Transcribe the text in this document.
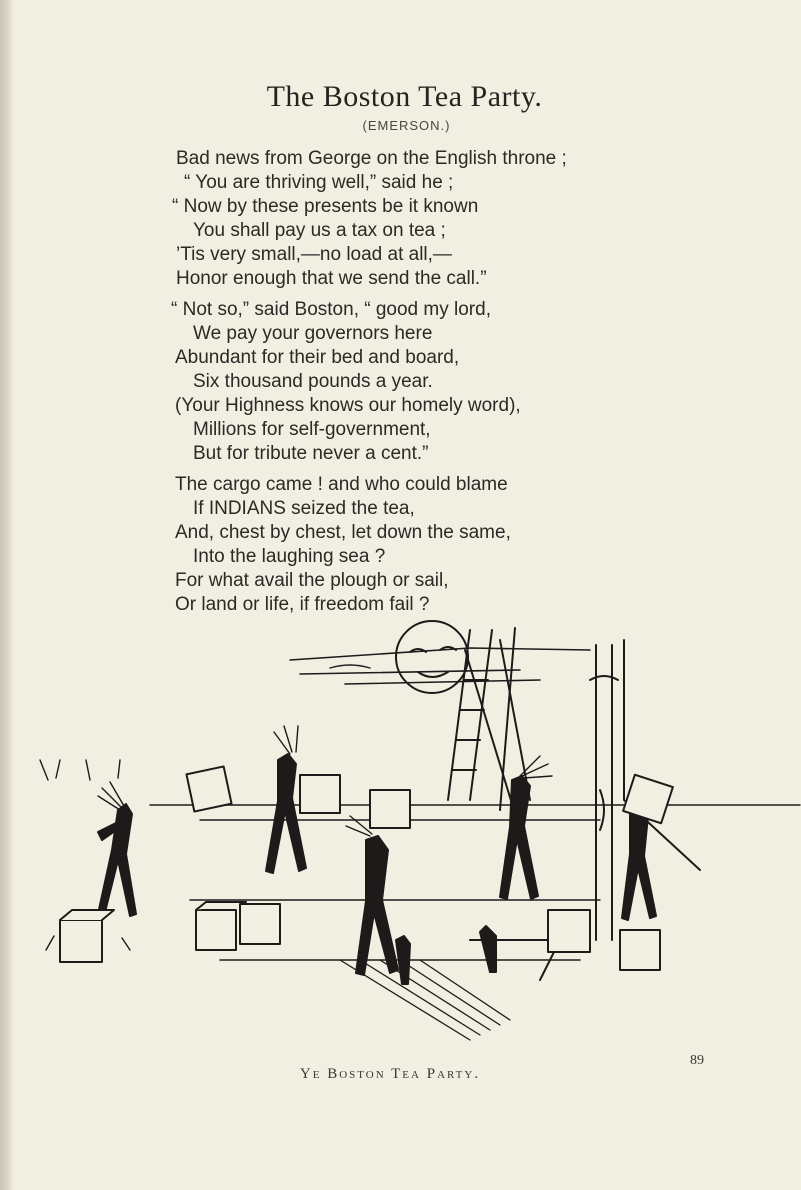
The Boston Tea Party.
(EMERSON.)
Bad news from George on the English throne ;
“ You are thriving well,” said he ;
“ Now by these presents be it known
You shall pay us a tax on tea ;
’Tis very small,—no load at all,—
Honor enough that we send the call.”
“ Not so,” said Boston, “ good my lord,
We pay your governors here
Abundant for their bed and board,
Six thousand pounds a year.
(Your Highness knows our homely word),
Millions for self-government,
But for tribute never a cent.”
The cargo came ! and who could blame
If INDIANS seized the tea,
And, chest by chest, let down the same,
Into the laughing sea ?
For what avail the plough or sail,
Or land or life, if freedom fail ?
Ye Boston Tea Party.
89
